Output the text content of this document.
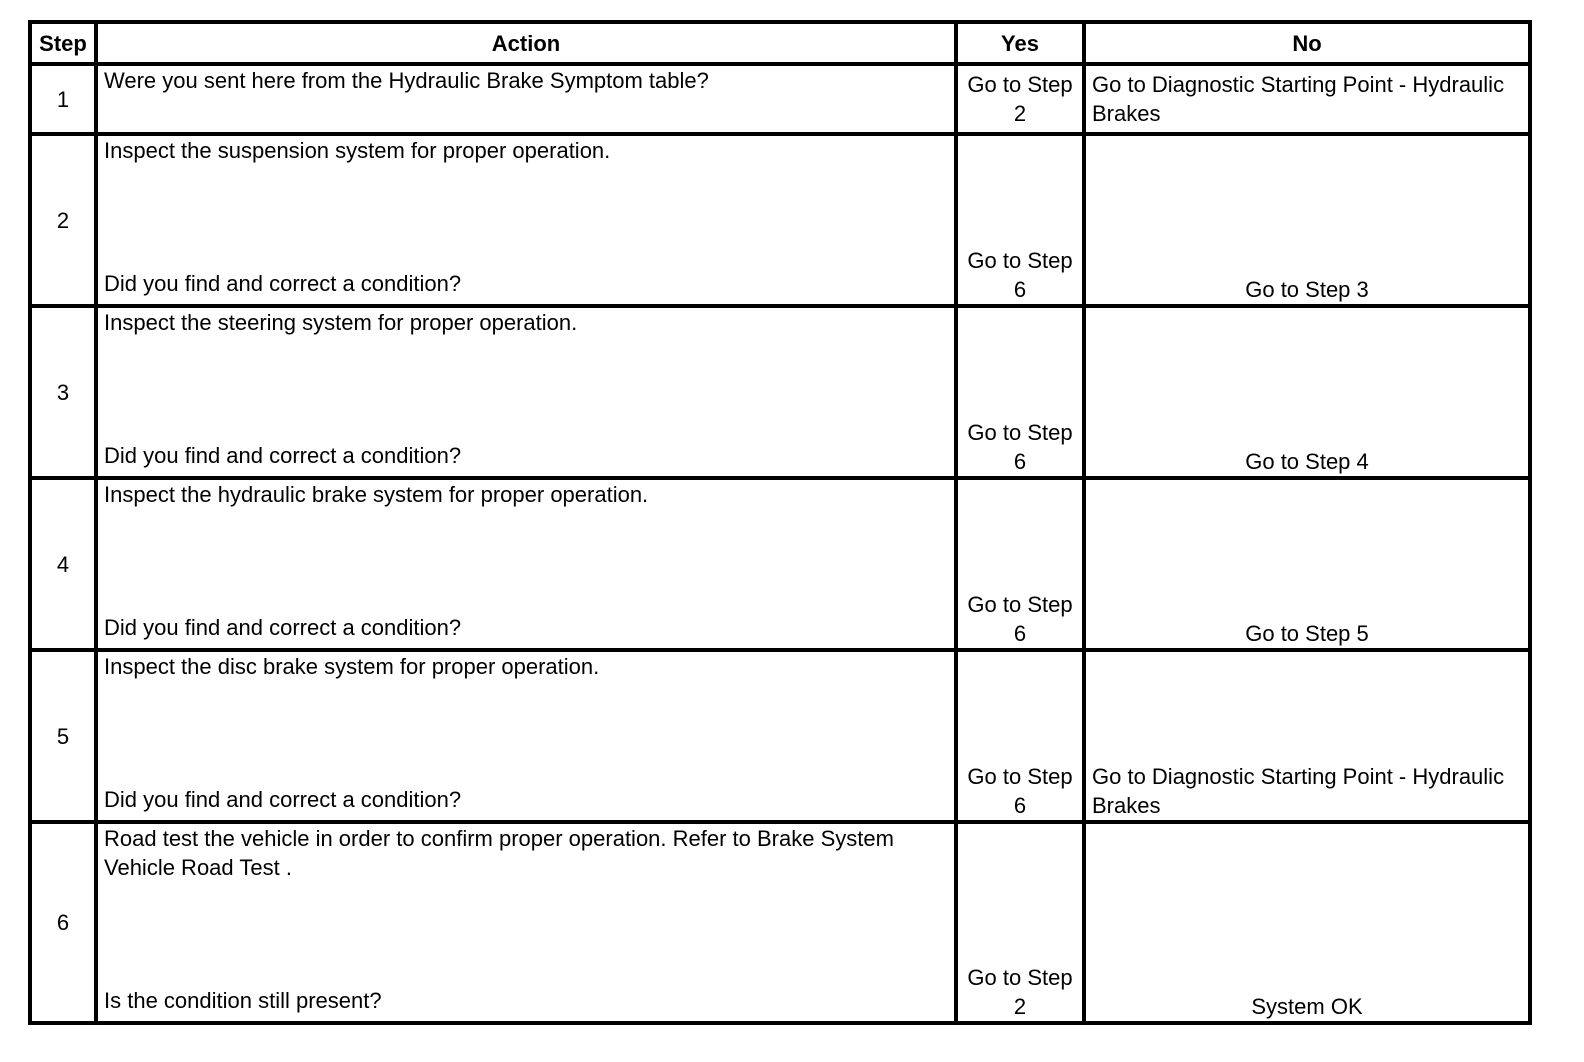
Step	Action	Yes	No
1	Were you sent here from the Hydraulic Brake Symptom table?	Go to Step 2	Go to Diagnostic Starting Point - Hydraulic Brakes
2	Inspect the suspension system for proper operation.
Did you find and correct a condition?	Go to Step 6	Go to Step 3
3	Inspect the steering system for proper operation.
Did you find and correct a condition?	Go to Step 6	Go to Step 4
4	Inspect the hydraulic brake system for proper operation.
Did you find and correct a condition?	Go to Step 6	Go to Step 5
5	Inspect the disc brake system for proper operation.
Did you find and correct a condition?	Go to Step 6	Go to Diagnostic Starting Point - Hydraulic Brakes
6	Road test the vehicle in order to confirm proper operation. Refer to Brake System Vehicle Road Test .
Is the condition still present?	Go to Step 2	System OK
